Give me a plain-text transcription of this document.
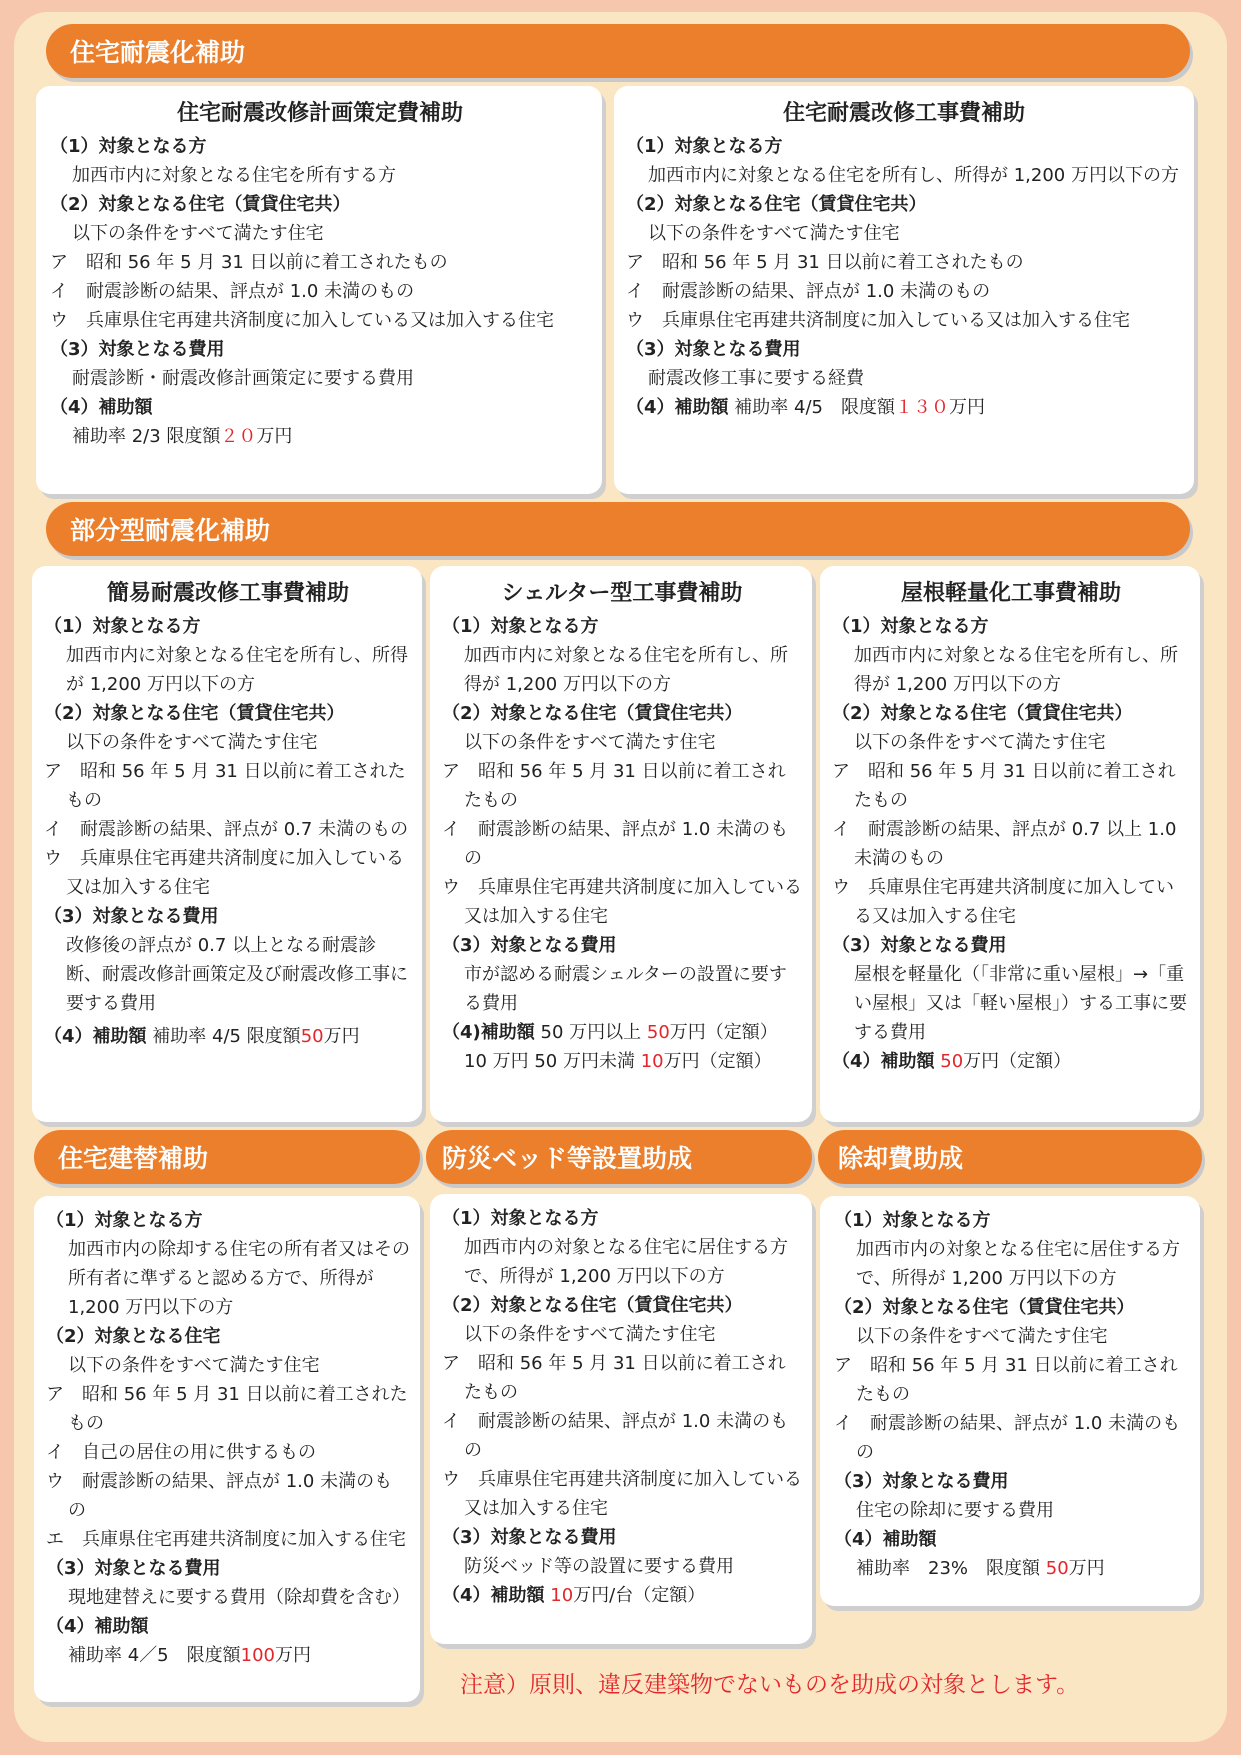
住宅耐震化補助
住宅耐震改修計画策定費補助
（1）対象となる方
加西市内に対象となる住宅を所有する方
（2）対象となる住宅（賃貸住宅共）
以下の条件をすべて満たす住宅
ア　昭和 56 年 5 月 31 日以前に着工されたもの
イ　耐震診断の結果、評点が 1.0 未満のもの
ウ　兵庫県住宅再建共済制度に加入している又は加入する住宅
（3）対象となる費用
耐震診断・耐震改修計画策定に要する費用
（4）補助額
補助率 2/3 限度額２０万円
住宅耐震改修工事費補助
（1）対象となる方
加西市内に対象となる住宅を所有し、所得が 1,200 万円以下の方
（2）対象となる住宅（賃貸住宅共）
以下の条件をすべて満たす住宅
ア　昭和 56 年 5 月 31 日以前に着工されたもの
イ　耐震診断の結果、評点が 1.0 未満のもの
ウ　兵庫県住宅再建共済制度に加入している又は加入する住宅
（3）対象となる費用
耐震改修工事に要する経費
（4）補助額 補助率 4/5　限度額１３０万円
部分型耐震化補助
簡易耐震改修工事費補助
（1）対象となる方
加西市内に対象となる住宅を所有し、所得が 1,200 万円以下の方
（2）対象となる住宅（賃貸住宅共）
以下の条件をすべて満たす住宅
ア　昭和 56 年 5 月 31 日以前に着工されたもの
イ　耐震診断の結果、評点が 0.7 未満のもの
ウ　兵庫県住宅再建共済制度に加入している又は加入する住宅
（3）対象となる費用
改修後の評点が 0.7 以上となる耐震診断、耐震改修計画策定及び耐震改修工事に要する費用
（4）補助額 補助率 4/5 限度額50万円
シェルター型工事費補助
（1）対象となる方
加西市内に対象となる住宅を所有し、所得が 1,200 万円以下の方
（2）対象となる住宅（賃貸住宅共）
以下の条件をすべて満たす住宅
ア　昭和 56 年 5 月 31 日以前に着工されたもの
イ　耐震診断の結果、評点が 1.0 未満のもの
ウ　兵庫県住宅再建共済制度に加入している又は加入する住宅
（3）対象となる費用
市が認める耐震シェルターの設置に要する費用
（4)補助額 50 万円以上 50万円（定額）
10 万円 50 万円未満 10万円（定額）
屋根軽量化工事費補助
（1）対象となる方
加西市内に対象となる住宅を所有し、所得が 1,200 万円以下の方
（2）対象となる住宅（賃貸住宅共）
以下の条件をすべて満たす住宅
ア　昭和 56 年 5 月 31 日以前に着工されたもの
イ　耐震診断の結果、評点が 0.7 以上 1.0 未満のもの
ウ　兵庫県住宅再建共済制度に加入している又は加入する住宅
（3）対象となる費用
屋根を軽量化（「非常に重い屋根」→「重い屋根」又は「軽い屋根」）する工事に要する費用
（4）補助額 50万円（定額）
住宅建替補助	防災ベッド等設置助成	除却費助成
（1）対象となる方
加西市内の除却する住宅の所有者又はその所有者に準ずると認める方で、所得が 1,200 万円以下の方
（2）対象となる住宅
以下の条件をすべて満たす住宅
ア　昭和 56 年 5 月 31 日以前に着工されたもの
イ　自己の居住の用に供するもの
ウ　耐震診断の結果、評点が 1.0 未満のもの
エ　兵庫県住宅再建共済制度に加入する住宅
（3）対象となる費用
現地建替えに要する費用（除却費を含む）
（4）補助額
補助率 4／5　限度額100万円
（1）対象となる方
加西市内の対象となる住宅に居住する方で、所得が 1,200 万円以下の方
（2）対象となる住宅（賃貸住宅共）
以下の条件をすべて満たす住宅
ア　昭和 56 年 5 月 31 日以前に着工されたもの
イ　耐震診断の結果、評点が 1.0 未満のもの
ウ　兵庫県住宅再建共済制度に加入している又は加入する住宅
（3）対象となる費用
防災ベッド等の設置に要する費用
（4）補助額 10万円/台（定額）
（1）対象となる方
加西市内の対象となる住宅に居住する方で、所得が 1,200 万円以下の方
（2）対象となる住宅（賃貸住宅共）
以下の条件をすべて満たす住宅
ア　昭和 56 年 5 月 31 日以前に着工されたもの
イ　耐震診断の結果、評点が 1.0 未満のもの
（3）対象となる費用
住宅の除却に要する費用
（4）補助額
補助率　23%　限度額 50万円
注意）原則、違反建築物でないものを助成の対象とします。
